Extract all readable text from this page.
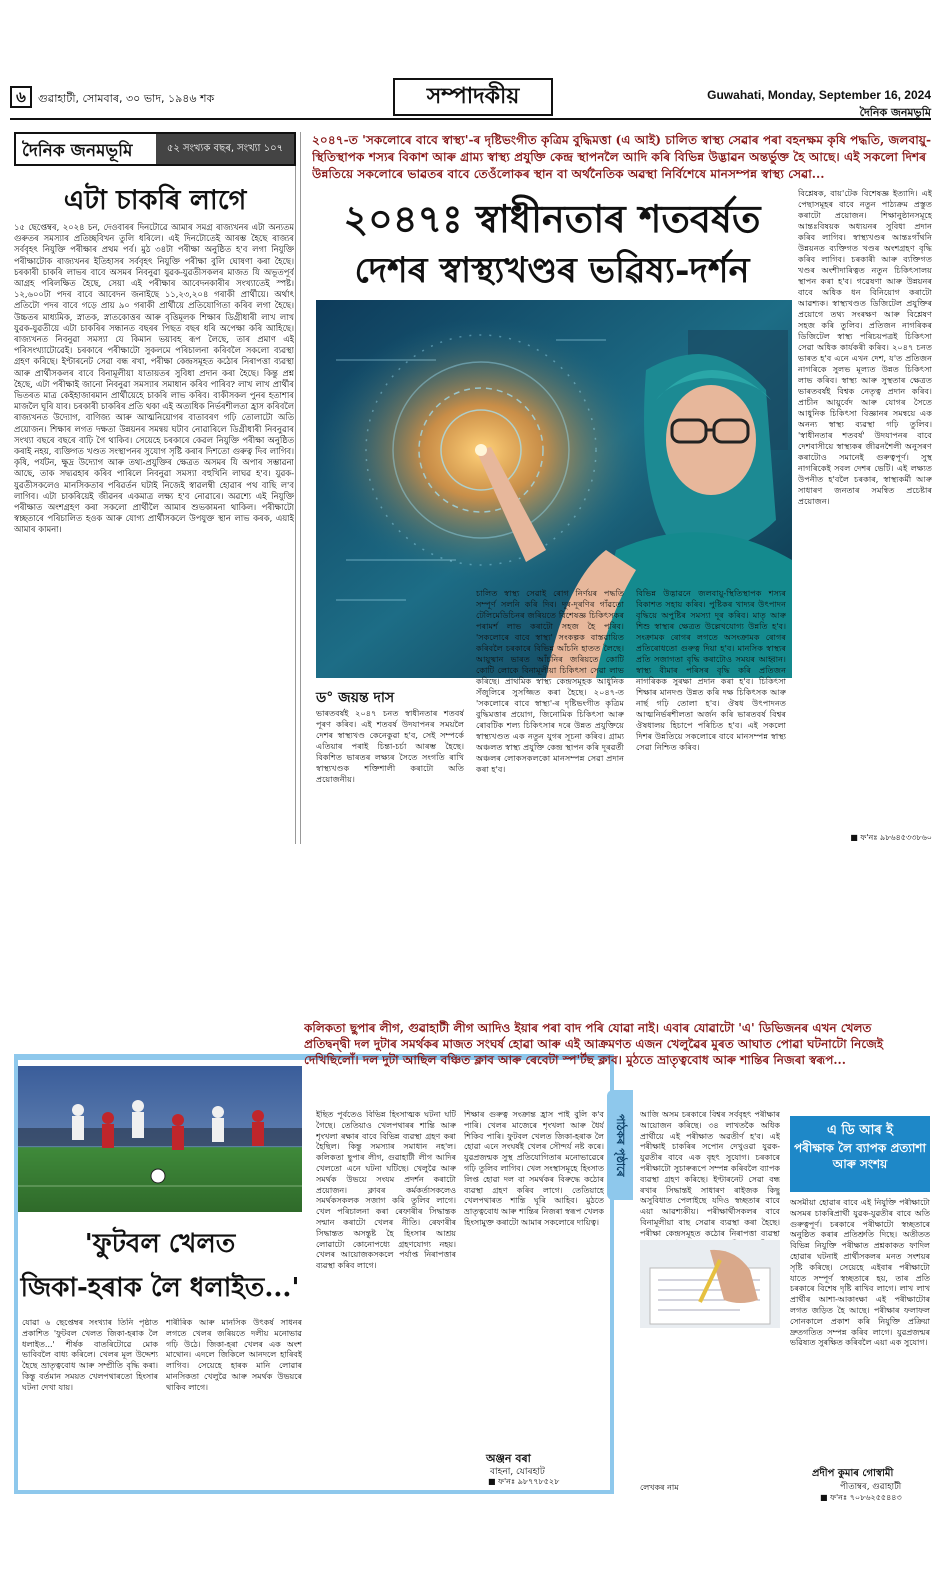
৬	গুৱাহাটী, সোমবাৰ, ৩০ ভাদ, ১৯৪৬ শক	সম্পাদকীয়	Guwahati, Monday, September 16, 2024
দৈনিক জনমভূমি
দৈনিক জনমভূমি	৫২ সংখ্যক বছৰ, সংখ্যা ১০৭
এটা চাকৰি লাগে
১৫ ছেপ্তেম্বৰ, ২০২৪ চন, দেওবাৰৰ দিনটোৱে আমাৰ সমগ্ৰ ৰাজ্যখনৰ এটা অন্যতম গুৰুতৰ সমস্যাৰ প্ৰতিচ্ছবিখন তুলি ধৰিলে। এই দিনটোতেই আৰম্ভ হৈছে ৰাজ্যৰ সৰ্ববৃহৎ নিযুক্তি পৰীক্ষাৰ প্ৰথম পৰ্ব। মুঠ ৩৪টা পৰীক্ষা অনুষ্ঠিত হ'ব লগা নিযুক্তি পৰীক্ষাটোক ৰাজ্যখনৰ ইতিহাসৰ সৰ্ববৃহৎ নিযুক্তি পৰীক্ষা বুলি ঘোষণা কৰা হৈছে। চৰকাৰী চাকৰি লাভৰ বাবে অসমৰ নিবনুৱা যুৱক-যুৱতীসকলৰ মাজত যি অভূতপূৰ্ব আগ্ৰহ পৰিলক্ষিত হৈছে, সেয়া এই পৰীক্ষাৰ আবেদনকাৰীৰ সংখ্যাতেই স্পষ্ট। ১২,৬০০টা পদৰ বাবে আবেদন জনাইছে ১১,২৩,২০৪ গৰাকী প্ৰাৰ্থীয়ে। অৰ্থাৎ প্ৰতিটো পদৰ বাবে গড়ে প্ৰায় ৯০ গৰাকী প্ৰাৰ্থীয়ে প্ৰতিযোগিতা কৰিব লগা হৈছে। উচ্চতৰ মাধ্যমিক, স্নাতক, স্নাতকোত্তৰ আৰু বৃত্তিমূলক শিক্ষাৰ ডিগ্ৰীধাৰী লাখ লাখ যুৱক-যুৱতীয়ে এটা চাকৰিৰ সন্ধানত বছৰৰ পিছত বছৰ ধৰি অপেক্ষা কৰি আহিছে। ৰাজ্যখনত নিবনুৱা সমস্যা যে কিমান ভয়াবহ ৰূপ লৈছে, তাৰ প্ৰমাণ এই পৰিসংখ্যাটোৱেই। চৰকাৰে পৰীক্ষাটো সুকলমে পৰিচালনা কৰিবলৈ সকলো ব্যৱস্থা গ্ৰহণ কৰিছে। ইণ্টাৰনেট সেৱা বন্ধ ৰখা, পৰীক্ষা কেন্দ্ৰসমূহত কঠোৰ নিৰাপত্তা ব্যৱস্থা আৰু প্ৰাৰ্থীসকলৰ বাবে বিনামূলীয়া যাতায়তৰ সুবিধা প্ৰদান কৰা হৈছে। কিন্তু প্ৰশ্ন হৈছে, এটা পৰীক্ষাই জানো নিবনুৱা সমস্যাৰ সমাধান কৰিব পাৰিব? লাখ লাখ প্ৰাৰ্থীৰ ভিতৰত মাত্ৰ কেইহাজাৰমান প্ৰাৰ্থীয়েহে চাকৰি লাভ কৰিব। বাকীসকল পুনৰ হতাশাৰ মাজলৈ ঘূৰি যাব। চৰকাৰী চাকৰিৰ প্ৰতি থকা এই অত্যধিক নিৰ্ভৰশীলতা হ্ৰাস কৰিবলৈ ৰাজ্যখনত উদ্যোগ, বাণিজ্য আৰু আত্মনিয়োগৰ বাতাবৰণ গঢ়ি তোলাটো অতি প্ৰয়োজন। শিক্ষাৰ লগত দক্ষতা উন্নয়নৰ সমন্বয় ঘটাব নোৱাৰিলে ডিগ্ৰীধাৰী নিবনুৱাৰ সংখ্যা বছৰে বছৰে বাঢ়ি গৈ থাকিব। সেয়েহে চৰকাৰে কেৱল নিযুক্তি পৰীক্ষা অনুষ্ঠিত কৰাই নহয়, ব্যক্তিগত খণ্ডত সংস্থাপনৰ সুযোগ সৃষ্টি কৰাৰ দিশতো গুৰুত্ব দিব লাগিব। কৃষি, পৰ্যটন, ক্ষুদ্ৰ উদ্যোগ আৰু তথ্য-প্ৰযুক্তিৰ ক্ষেত্ৰত অসমৰ যি অপাৰ সম্ভাৱনা আছে, তাক সদ্ব্যৱহাৰ কৰিব পাৰিলে নিবনুৱা সমস্যা বহুখিনি লাঘৱ হ'ব। যুৱক-যুৱতীসকলেও মানসিকতাৰ পৰিৱৰ্তন ঘটাই নিজেই স্বাৱলম্বী হোৱাৰ পথ বাছি ল'ব লাগিব। এটা চাকৰিয়েই জীৱনৰ একমাত্ৰ লক্ষ্য হ'ব নোৱাৰে। অৱশ্যে এই নিযুক্তি পৰীক্ষাত অংশগ্ৰহণ কৰা সকলো প্ৰাৰ্থীলৈ আমাৰ শুভকামনা থাকিল। পৰীক্ষাটো স্বচ্ছতাৰে পৰিচালিত হওক আৰু যোগ্য প্ৰাৰ্থীসকলে উপযুক্ত স্থান লাভ কৰক, এয়াই আমাৰ কামনা।
২০৪৭-ত 'সকলোৰে বাবে স্বাস্থ্য'-ৰ দৃষ্টিভংগীত কৃত্ৰিম বুদ্ধিমত্তা (এ আই) চালিত স্বাস্থ্য সেৱাৰ পৰা বহনক্ষম কৃষি পদ্ধতি, জলবায়ু-স্থিতিস্থাপক শস্যৰ বিকাশ আৰু গ্ৰাম্য স্বাস্থ্য প্ৰযুক্তি কেন্দ্ৰ স্থাপনলৈ আদি কৰি বিভিন্ন উদ্ভাৱন অন্তৰ্ভুক্ত হৈ আছে। এই সকলো দিশৰ উন্নতিয়ে সকলোৰে ভাৱতৰ বাবে তেওঁলোকৰ স্থান বা অৰ্থনৈতিক অৱস্থা নিৰ্বিশেষে মানসম্পন্ন স্বাস্থ্য সেৱা...
২০৪৭ঃ স্বাধীনতাৰ শতবৰ্ষত
দেশৰ স্বাস্থ্যখণ্ডৰ ভৱিষ্য-দৰ্শন
ড° জয়ন্ত দাস
ভাৰতবৰ্ষই ২০৪৭ চনত স্বাধীনতাৰ শতবৰ্ষ পূৰণ কৰিব। এই শতবৰ্ষ উদযাপনৰ সময়লৈ দেশৰ স্বাস্থ্যখণ্ড কেনেকুৱা হ'ব, সেই সম্পৰ্কে এতিয়াৰ পৰাই চিন্তা-চৰ্চা আৰম্ভ হৈছে। বিকশিত ভাৰতৰ লক্ষ্যৰ সৈতে সংগতি ৰাখি স্বাস্থ্যখণ্ডক শক্তিশালী কৰাটো অতি প্ৰয়োজনীয়।
চালিত স্বাস্থ্য সেৱাই ৰোগ নিৰ্ণয়ৰ পদ্ধতি সম্পূৰ্ণ সলনি কৰি দিব। দূৰ-দূৰণিৰ গাঁৱতো টেলিমেডিচিনৰ জৰিয়তে বিশেষজ্ঞ চিকিৎসকৰ পৰামৰ্শ লাভ কৰাটো সহজ হৈ পৰিব। 'সকলোৰে বাবে স্বাস্থ্য' সংকল্পক বাস্তৱায়িত কৰিবলৈ চৰকাৰে বিভিন্ন আঁচনি হাতত লৈছে। আয়ুষ্মান ভাৰত আঁচনিৰ জৰিয়তে কোটি কোটি লোকে বিনামূলীয়া চিকিৎসা সেৱা লাভ কৰিছে। প্ৰাথমিক স্বাস্থ্য কেন্দ্ৰসমূহক আধুনিক সঁজুলিৰে সুসজ্জিত কৰা হৈছে। ২০৪৭-ত 'সকলোৰে বাবে স্বাস্থ্য'-ৰ দৃষ্টিভংগীত কৃত্ৰিম বুদ্ধিমত্তাৰ প্ৰয়োগ, জিনোমিক চিকিৎসা আৰু ৰোবটিক শল্য চিকিৎসাৰ দৰে উন্নত প্ৰযুক্তিয়ে স্বাস্থ্যখণ্ডত এক নতুন যুগৰ সূচনা কৰিব। গ্ৰাম্য অঞ্চলত স্বাস্থ্য প্ৰযুক্তি কেন্দ্ৰ স্থাপন কৰি দূৰৱৰ্তী অঞ্চলৰ লোকসকলকো মানসম্পন্ন সেৱা প্ৰদান কৰা হ'ব।
বিভিন্ন উদ্ভাৱনে জলবায়ু-স্থিতিস্থাপক শস্যৰ বিকাশত সহায় কৰিব। পুষ্টিকৰ খাদ্যৰ উৎপাদন বৃদ্ধিয়ে অপুষ্টিৰ সমস্যা দূৰ কৰিব। মাতৃ আৰু শিশু স্বাস্থ্যৰ ক্ষেত্ৰত উল্লেখযোগ্য উন্নতি হ'ব। সংক্ৰামক ৰোগৰ লগতে অসংক্ৰামক ৰোগৰ প্ৰতিৰোধতো গুৰুত্ব দিয়া হ'ব। মানসিক স্বাস্থ্যৰ প্ৰতি সজাগতা বৃদ্ধি কৰাটোও সময়ৰ আহ্বান। স্বাস্থ্য বীমাৰ পৰিসৰ বৃদ্ধি কৰি প্ৰতিজন নাগৰিকক সুৰক্ষা প্ৰদান কৰা হ'ব। চিকিৎসা শিক্ষাৰ মানদণ্ড উন্নত কৰি দক্ষ চিকিৎসক আৰু নাৰ্ছ গঢ়ি তোলা হ'ব। ঔষধ উৎপাদনত আত্মনিৰ্ভৰশীলতা অৰ্জন কৰি ভাৰতবৰ্ষ বিশ্বৰ ঔষধালয় হিচাপে পৰিচিত হ'ব। এই সকলো দিশৰ উন্নতিয়ে সকলোৰে বাবে মানসম্পন্ন স্বাস্থ্য সেৱা নিশ্চিত কৰিব।
বিশ্লেষক, বায়'টেক বিশেষজ্ঞ ইত্যাদি। এই পেছাসমূহৰ বাবে নতুন পাঠ্যক্ৰম প্ৰস্তুত কৰাটো প্ৰয়োজন। শিক্ষানুষ্ঠানসমূহে আন্তঃবিষয়ক অধ্যয়নৰ সুবিধা প্ৰদান কৰিব লাগিব। স্বাস্থ্যখণ্ডৰ আন্তঃগাঁথনি উন্নয়নত ব্যক্তিগত খণ্ডৰ অংশগ্ৰহণ বৃদ্ধি কৰিব লাগিব। চৰকাৰী আৰু ব্যক্তিগত খণ্ডৰ অংশীদাৰিত্বত নতুন চিকিৎসালয় স্থাপন কৰা হ'ব। গৱেষণা আৰু উন্নয়নৰ বাবে অধিক ধন বিনিয়োগ কৰাটো আৱশ্যক। স্বাস্থ্যখণ্ডত ডিজিটেল প্ৰযুক্তিৰ প্ৰয়োগে তথ্য সংৰক্ষণ আৰু বিশ্লেষণ সহজ কৰি তুলিব। প্ৰতিজন নাগৰিকৰ ডিজিটেল স্বাস্থ্য পৰিচয়পত্ৰই চিকিৎসা সেৱা অধিক কাৰ্যকৰী কৰিব। ২০৪৭ চনত ভাৰত হ'ব এনে এখন দেশ, য'ত প্ৰতিজন নাগৰিকে সুলভ মূল্যত উন্নত চিকিৎসা লাভ কৰিব। স্বাস্থ্য আৰু সুস্থতাৰ ক্ষেত্ৰত ভাৰতবৰ্ষই বিশ্বক নেতৃত্ব প্ৰদান কৰিব। প্ৰাচীন আয়ুৰ্বেদ আৰু যোগৰ সৈতে আধুনিক চিকিৎসা বিজ্ঞানৰ সমন্বয়ে এক অনন্য স্বাস্থ্য ব্যৱস্থা গঢ়ি তুলিব। 'স্বাধীনতাৰ শতবৰ্ষ' উদযাপনৰ বাবে দেশবাসীয়ে স্বাস্থ্যকৰ জীৱনশৈলী অনুসৰণ কৰাটোও সমানেই গুৰুত্বপূৰ্ণ। সুস্থ নাগৰিকেই সবল দেশৰ ভেটি। এই লক্ষ্যত উপনীত হ'বলৈ চৰকাৰ, স্বাস্থ্যকৰ্মী আৰু সাধাৰণ জনতাৰ সমন্বিত প্ৰচেষ্টাৰ প্ৰয়োজন।
■ ফ'নঃ ৯৮৬৪৫৩৩৮৬০
কলিকতা ছুপাৰ লীগ, গুৱাহাটী লীগ আদিও ইয়াৰ পৰা বাদ পৰি যোৱা নাই। এবাৰ যোৱাটো 'এ' ডিভিজনৰ এখন খেলত প্ৰতিদ্বন্দ্বী দল দুটাৰ সমৰ্থকৰ মাজত সংঘৰ্ষ হোৱা আৰু এই আক্ৰমণত এজন খেলুৱৈৰ মুৰত আঘাত পোৱা ঘটনাটো নিজেই দেখিছিলোঁ। দল দুটা আছিল বঞ্চিত ক্লাব আৰু ৰেবেটা স্প'ৰ্টছ ক্লাব। মুঠতে ভ্ৰাতৃত্ববোধ আৰু শান্তিৰ নিজৰা স্বৰূপ...
'ফুটবল খেলত
জিকা-হৰাক লৈ ধলাইত...'
যোৱা ৬ ছেপ্তেম্বৰ সংখ্যাৰ তিনি পৃষ্ঠাত প্ৰকাশিত 'ফুটবল খেলত জিকা-হৰাক লৈ ধলাইত...' শীৰ্ষক বাতৰিটোৱে মোক ভাবিবলৈ বাধ্য কৰিলে। খেলৰ মূল উদ্দেশ্য হৈছে ভ্ৰাতৃত্ববোধ আৰু সম্প্ৰীতি বৃদ্ধি কৰা। কিন্তু বৰ্তমান সময়ত খেলপথাৰতো হিংসাৰ ঘটনা দেখা যায়।
শাৰীৰিক আৰু মানসিক উৎকৰ্ষ সাধনৰ লগতে খেলৰ জৰিয়তে দলীয় মনোভাৱ গঢ়ি উঠে। জিকা-হৰা খেলৰ এক অংশ মাথোন। এদলে জিকিলে আনদলে হাৰিবই লাগিব। সেয়েহে হাৰক মানি লোৱাৰ মানসিকতা খেলুৱৈ আৰু সমৰ্থক উভয়ৰে থাকিব লাগে।
ইছিত পূৰ্বতেও বিভিন্ন হিংসাত্মক ঘটনা ঘটি গৈছে। তেতিয়াও খেলপথাৰৰ শান্তি আৰু শৃংখলা ৰক্ষাৰ বাবে বিভিন্ন ব্যৱস্থা গ্ৰহণ কৰা হৈছিল। কিন্তু সমস্যাৰ সমাধান নহ'ল। কলিকতা ছুপাৰ লীগ, গুৱাহাটী লীগ আদিৰ খেলতো এনে ঘটনা ঘটিছে। খেলুৱৈ আৰু সমৰ্থক উভয়ে সংযম প্ৰদৰ্শন কৰাটো প্ৰয়োজন। ক্লাবৰ কৰ্মকৰ্তাসকলেও সমৰ্থকসকলক সজাগ কৰি তুলিব লাগে। খেল পৰিচালনা কৰা ৰেফাৰীৰ সিদ্ধান্তক সন্মান কৰাটো খেলৰ নীতি। ৰেফাৰীৰ সিদ্ধান্তত অসন্তুষ্ট হৈ হিংসাৰ আশ্ৰয় লোৱাটো কোনোপধ্যে গ্ৰহণযোগ্য নহয়। খেলৰ আয়োজকসকলে পৰ্যাপ্ত নিৰাপত্তাৰ ব্যৱস্থা কৰিব লাগে।
শিক্ষাৰ গুৰুত্ব সংক্ৰান্ত হ্ৰাস পাই বুলি ক'ব পাৰি। খেলৰ মাজেৰে শৃংখলা আৰু ধৈৰ্য শিকিব পাৰি। ফুটবল খেলত জিকা-হৰাক লৈ হোৱা এনে সংঘৰ্ষই খেলৰ সৌন্দৰ্য নষ্ট কৰে। যুৱপ্ৰজন্মক সুস্থ প্ৰতিযোগিতাৰ মনোভাৱেৰে গঢ়ি তুলিব লাগিব। খেল সংস্থাসমূহে হিংসাত লিপ্ত হোৱা দল বা সমৰ্থকৰ বিৰুদ্ধে কঠোৰ ব্যৱস্থা গ্ৰহণ কৰিব লাগে। তেতিয়াহে খেলপথাৰত শান্তি ঘূৰি আহিব। মুঠতে ভ্ৰাতৃত্ববোধ আৰু শান্তিৰ নিজৰা স্বৰূপ খেলক হিংসামুক্ত কৰাটো আমাৰ সকলোৰে দায়িত্ব।
অঞ্জন বৰা
বাহনা, যোৰহাট
■ ফ'নঃ ৯৮৭৭৮৫২৮
পাঠকৰ পৃষ্ঠাৰে	আজি অসম চৰকাৰে বিশ্বৰ সৰ্ববৃহৎ পৰীক্ষাৰ আয়োজন কৰিছে। ৩৪ লাখতকৈ অধিক প্ৰাৰ্থীয়ে এই পৰীক্ষাত অৱতীৰ্ণ হ'ব। এই পৰীক্ষাই চাকৰিৰ সপোন দেখুওৱা যুৱক-যুৱতীৰ বাবে এক বৃহৎ সুযোগ। চৰকাৰে পৰীক্ষাটো সুচাৰুৰূপে সম্পন্ন কৰিবলৈ ব্যাপক ব্যৱস্থা গ্ৰহণ কৰিছে। ইণ্টাৰনেট সেৱা বন্ধ ৰখাৰ সিদ্ধান্তই সাধাৰণ ৰাইজক কিছু অসুবিধাত পেলাইছে যদিও স্বচ্ছতাৰ বাবে এয়া আৱশ্যকীয়। পৰীক্ষাৰ্থীসকলৰ বাবে বিনামূলীয়া বাছ সেৱাৰ ব্যৱস্থা কৰা হৈছে। পৰীক্ষা কেন্দ্ৰসমূহত কঠোৰ নিৰাপত্তা ব্যৱস্থা
লেখকৰ নাম
এ ডি আৰ ই
পৰীক্ষাক লৈ ব্যাপক প্ৰত্যাশা আৰু সংশয়
অসমীয়া হোৱাৰ বাবে এই নিযুক্তি পৰীক্ষাটো অসমৰ চাকৰিপ্ৰাৰ্থী যুৱক-যুৱতীৰ বাবে অতি গুৰুত্বপূৰ্ণ। চৰকাৰে পৰীক্ষাটো স্বচ্ছতাৰে অনুষ্ঠিত কৰাৰ প্ৰতিশ্ৰুতি দিছে। অতীতত বিভিন্ন নিযুক্তি পৰীক্ষাত প্ৰশ্নকাকত ফাদিল হোৱাৰ ঘটনাই প্ৰাৰ্থীসকলৰ মনত সংশয়ৰ সৃষ্টি কৰিছে। সেয়েহে এইবাৰ পৰীক্ষাটো যাতে সম্পূৰ্ণ স্বচ্ছতাৰে হয়, তাৰ প্ৰতি চৰকাৰে বিশেষ দৃষ্টি ৰাখিব লাগে। লাখ লাখ প্ৰাৰ্থীৰ আশা-আকাংক্ষা এই পৰীক্ষাটোৰ লগত জড়িত হৈ আছে। পৰীক্ষাৰ ফলাফল সোনকালে প্ৰকাশ কৰি নিযুক্তি প্ৰক্ৰিয়া দ্ৰুতগতিত সম্পন্ন কৰিব লাগে। যুৱপ্ৰজন্মৰ ভৱিষ্যত সুৰক্ষিত কৰিবলৈ এয়া এক সুযোগ।
প্ৰদীপ কুমাৰ গোস্বামী
পীতাম্বৰ, গুৱাহাটী
■ ফ'নঃ ৭০৮৬২৫৫৪৪৩
